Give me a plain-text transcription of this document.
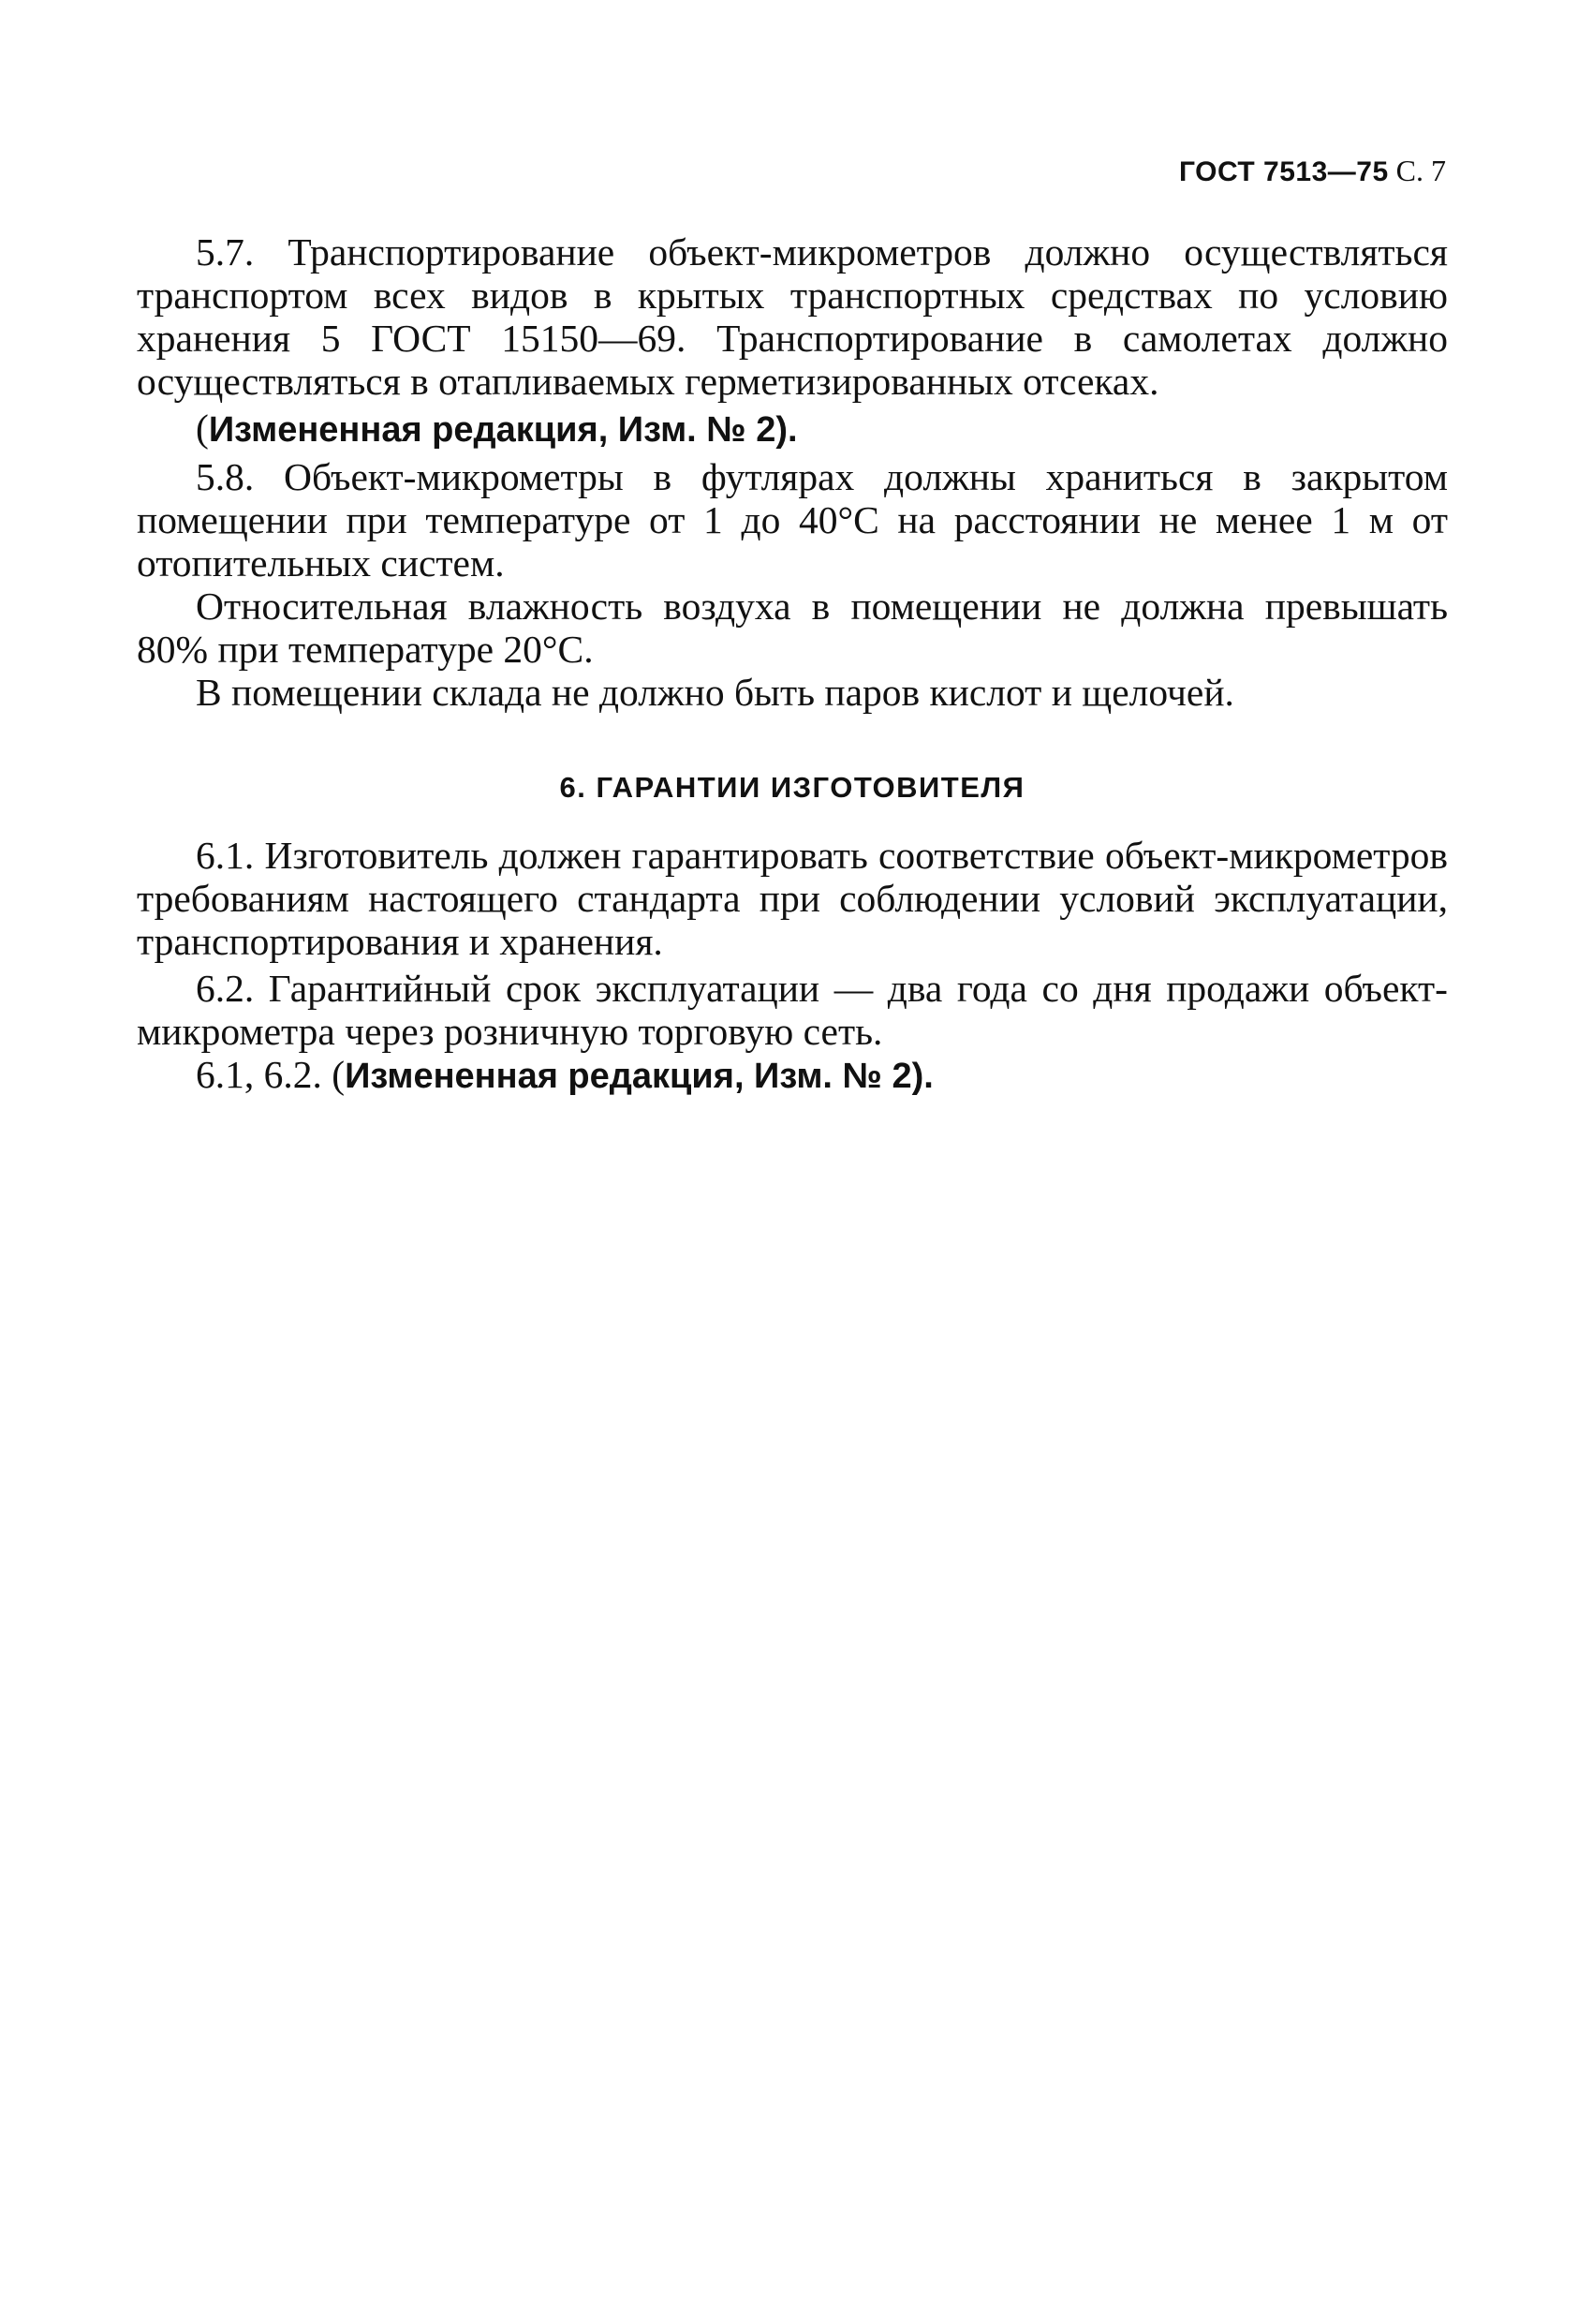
ГОСТ 7513—75 С. 7

5.7. Транспортирование объект-микрометров должно осуществляться транспортом всех видов в крытых транспортных средствах по условию хранения 5 ГОСТ 15150—69. Транспортирование в самолетах должно осуществляться в отапливаемых герметизированных отсеках.

(Измененная редакция, Изм. № 2).

5.8. Объект-микрометры в футлярах должны храниться в закрытом помещении при температуре от 1 до 40°С на расстоянии не менее 1 м от отопительных систем.

Относительная влажность воздуха в помещении не должна превышать 80% при температуре 20°С.

В помещении склада не должно быть паров кислот и щелочей.

6. ГАРАНТИИ ИЗГОТОВИТЕЛЯ

6.1. Изготовитель должен гарантировать соответствие объект-микрометров требованиям настоящего стандарта при соблюдении условий эксплуатации, транспортирования и хранения.

6.2. Гарантийный срок эксплуатации — два года со дня продажи объект-микрометра через розничную торговую сеть.

6.1, 6.2. (Измененная редакция, Изм. № 2).
